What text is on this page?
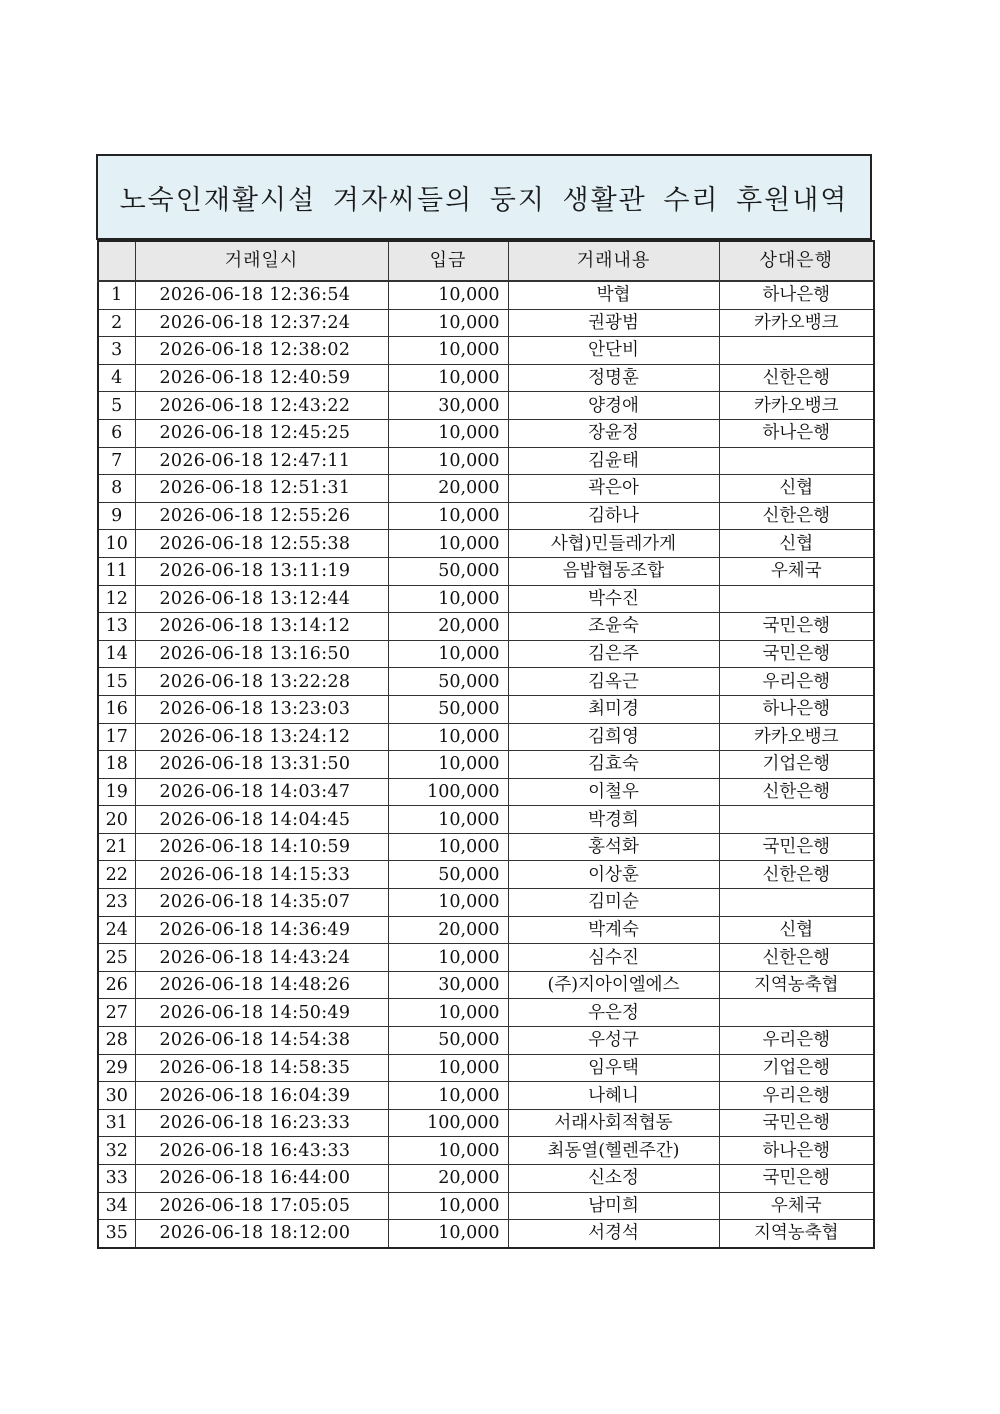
노숙인재활시설 겨자씨들의 둥지 생활관 수리 후원내역
	거래일시	입금	거래내용	상대은행
1	2026-06-18 12:36:54	10,000	박협	하나은행
2	2026-06-18 12:37:24	10,000	권광범	카카오뱅크
3	2026-06-18 12:38:02	10,000	안단비	
4	2026-06-18 12:40:59	10,000	정명훈	신한은행
5	2026-06-18 12:43:22	30,000	양경애	카카오뱅크
6	2026-06-18 12:45:25	10,000	장윤정	하나은행
7	2026-06-18 12:47:11	10,000	김윤태	
8	2026-06-18 12:51:31	20,000	곽은아	신협
9	2026-06-18 12:55:26	10,000	김하나	신한은행
10	2026-06-18 12:55:38	10,000	사협)민들레가게	신협
11	2026-06-18 13:11:19	50,000	음밥협동조합	우체국
12	2026-06-18 13:12:44	10,000	박수진	
13	2026-06-18 13:14:12	20,000	조윤숙	국민은행
14	2026-06-18 13:16:50	10,000	김은주	국민은행
15	2026-06-18 13:22:28	50,000	김옥근	우리은행
16	2026-06-18 13:23:03	50,000	최미경	하나은행
17	2026-06-18 13:24:12	10,000	김희영	카카오뱅크
18	2026-06-18 13:31:50	10,000	김효숙	기업은행
19	2026-06-18 14:03:47	100,000	이철우	신한은행
20	2026-06-18 14:04:45	10,000	박경희	
21	2026-06-18 14:10:59	10,000	홍석화	국민은행
22	2026-06-18 14:15:33	50,000	이상훈	신한은행
23	2026-06-18 14:35:07	10,000	김미순	
24	2026-06-18 14:36:49	20,000	박계숙	신협
25	2026-06-18 14:43:24	10,000	심수진	신한은행
26	2026-06-18 14:48:26	30,000	(주)지아이엘에스	지역농축협
27	2026-06-18 14:50:49	10,000	우은정	
28	2026-06-18 14:54:38	50,000	우성구	우리은행
29	2026-06-18 14:58:35	10,000	임우택	기업은행
30	2026-06-18 16:04:39	10,000	나혜니	우리은행
31	2026-06-18 16:23:33	100,000	서래사회적협동	국민은행
32	2026-06-18 16:43:33	10,000	최동열(헬렌주간)	하나은행
33	2026-06-18 16:44:00	20,000	신소정	국민은행
34	2026-06-18 17:05:05	10,000	남미희	우체국
35	2026-06-18 18:12:00	10,000	서경석	지역농축협
